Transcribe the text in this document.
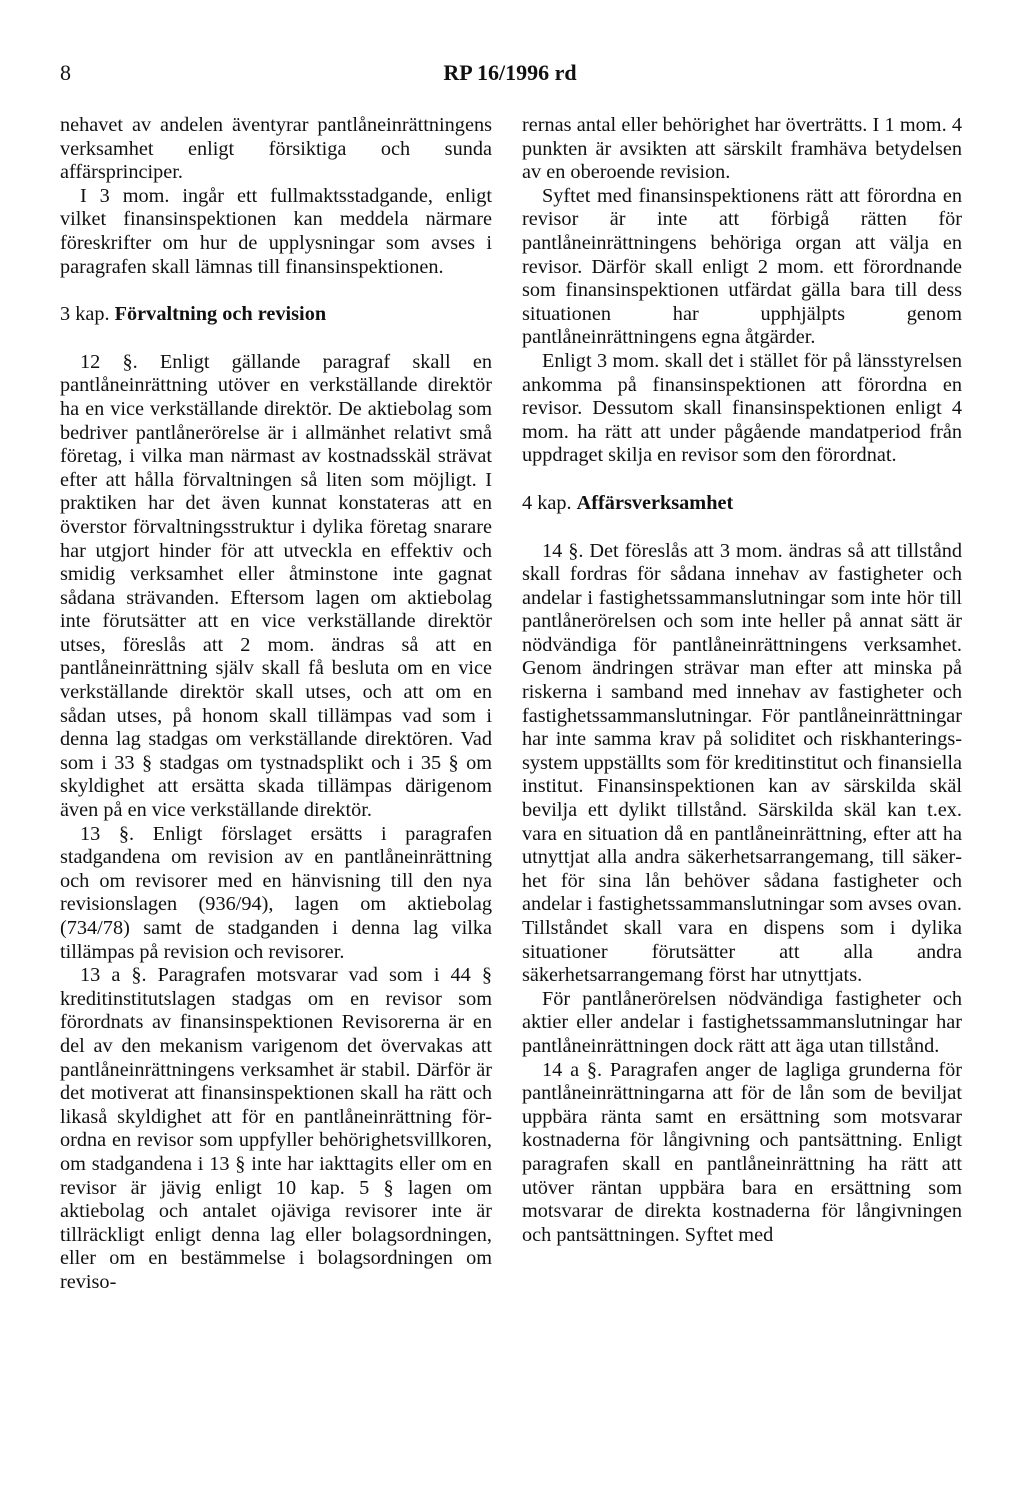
8	RP 16/1996 rd

nehavet av andelen äventyrar pantlåneinrättningens verksamhet enligt försiktiga och sunda affärsprinciper.

I 3 mom. ingår ett fullmaktsstadgande, enligt vilket finansinspektionen kan meddela närmare föreskrifter om hur de upplysningar som avses i paragrafen skall lämnas till finansinspektionen.

3 kap. Förvaltning och revision

12 §. Enligt gällande paragraf skall en pantlåneinrättning utöver en verkställande direktör ha en vice verkställande direktör. De aktiebolag som bedriver pantlånerörelse är i allmänhet relativt små företag, i vilka man närmast av kostnadsskäl strävat efter att hålla förvaltningen så liten som möjligt. I praktiken har det även kunnat konstateras att en överstor förvaltningsstruktur i dylika företag snarare har utgjort hinder för att utveckla en effektiv och smidig verksamhet eller åtminstone inte gagnat sådana strävanden. Eftersom lagen om aktiebolag inte förutsätter att en vice verkställande direktör utses, föreslås att 2 mom. ändras så att en pantlåneinrättning själv skall få besluta om en vice verkställande direktör skall utses, och att om en sådan utses, på honom skall tillämpas vad som i denna lag stadgas om verkställande direktören. Vad som i 33 § stadgas om tystnadsplikt och i 35 § om skyldighet att ersätta skada tillämpas därigenom även på en vice verkställande direktör.

13 §. Enligt förslaget ersätts i paragrafen stadgandena om revision av en pantlåneinrättning och om revisorer med en hänvisning till den nya revisionslagen (936/94), lagen om aktiebolag (734/78) samt de stadganden i denna lag vilka tillämpas på revision och revisorer.

13 a §. Paragrafen motsvarar vad som i 44 § kreditinstitutslagen stadgas om en revisor som förordnats av finansinspektionen Revisorerna är en del av den mekanism varigenom det övervakas att pantlåneinrättningens verksamhet är stabil. Därför är det motiverat att finansinspektionen skall ha rätt och likaså skyldighet att för en pantlåneinrättning förordna en revisor som uppfyller behörighetsvillkoren, om stadgandena i 13 § inte har iakttagits eller om en revisor är jävig enligt 10 kap. 5 § lagen om aktiebolag och antalet ojäviga revisorer inte är tillräckligt enligt denna lag eller bolagsordningen, eller om en bestämmelse i bolagsordningen om reviso-

rernas antal eller behörighet har överträtts. I 1 mom. 4 punkten är avsikten att särskilt framhäva betydelsen av en oberoende revision.

Syftet med finansinspektionens rätt att förordna en revisor är inte att förbigå rätten för pantlåneinrättningens behöriga organ att välja en revisor. Därför skall enligt 2 mom. ett förordnande som finansinspektionen utfärdat gälla bara till dess situationen har upphjälpts genom pantlåneinrättningens egna åtgärder.

Enligt 3 mom. skall det i stället för på länsstyrelsen ankomma på finansinspektionen att förordna en revisor. Dessutom skall finansinspektionen enligt 4 mom. ha rätt att under pågående mandatperiod från uppdraget skilja en revisor som den förordnat.

4 kap. Affärsverksamhet

14 §. Det föreslås att 3 mom. ändras så att tillstånd skall fordras för sådana innehav av fastigheter och andelar i fastighetssammanslutningar som inte hör till pantlånerörelsen och som inte heller på annat sätt är nödvändiga för pantlåneinrättningens verksamhet. Genom ändringen strävar man efter att minska på riskerna i samband med innehav av fastigheter och fastighetssammanslutningar. För pantlåneinrättningar har inte samma krav på soliditet och riskhanteringssystem uppställts som för kreditinstitut och finansiella institut. Finansinspektionen kan av särskilda skäl bevilja ett dylikt tillstånd. Särskilda skäl kan t.ex. vara en situation då en pantlåneinrättning, efter att ha utnyttjat alla andra säkerhetsarrangemang, till säkerhet för sina lån behöver sådana fastigheter och andelar i fastighetssammanslutningar som avses ovan. Tillståndet skall vara en dispens som i dylika situationer förutsätter att alla andra säkerhetsarrangemang först har utnyttjats.

För pantlånerörelsen nödvändiga fastigheter och aktier eller andelar i fastighetssammanslutningar har pantlåneinrättningen dock rätt att äga utan tillstånd.

14 a §. Paragrafen anger de lagliga grunderna för pantlåneinrättningarna att för de lån som de beviljat uppbära ränta samt en ersättning som motsvarar kostnaderna för långivning och pantsättning. Enligt paragrafen skall en pantlåneinrättning ha rätt att utöver räntan uppbära bara en ersättning som motsvarar de direkta kostnaderna för långivningen och pantsättningen. Syftet med
